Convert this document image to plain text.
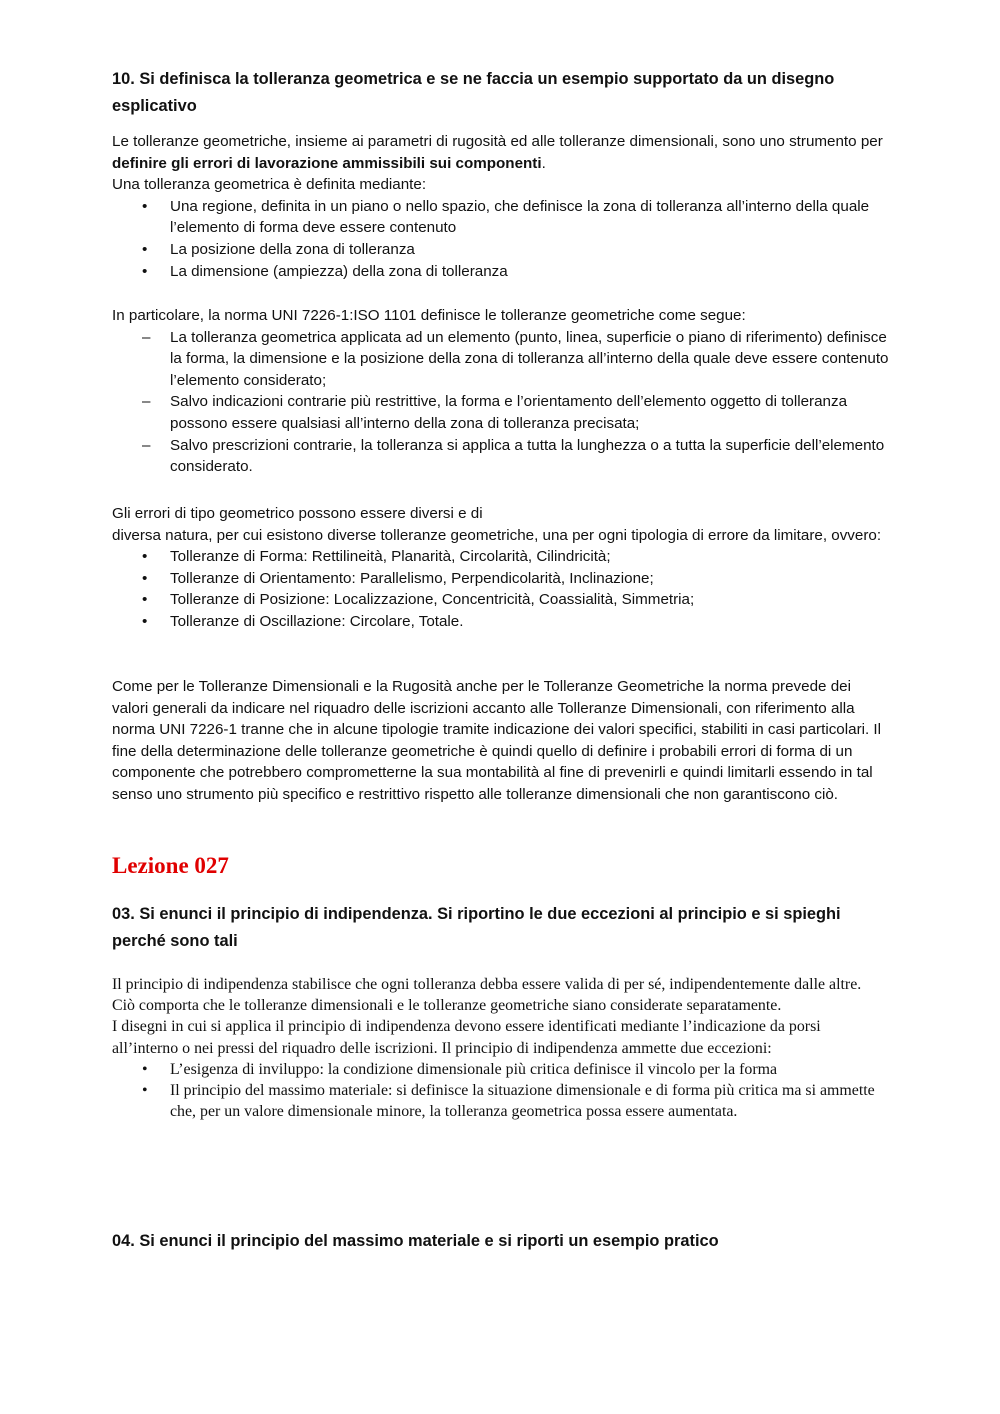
10. Si definisca la tolleranza geometrica e se ne faccia un esempio supportato da un disegno esplicativo

Le tolleranze geometriche, insieme ai parametri di rugosità ed alle tolleranze dimensionali, sono uno strumento per definire gli errori di lavorazione ammissibili sui componenti.

Una tolleranza geometrica è definita mediante:

• Una regione, definita in un piano o nello spazio, che definisce la zona di tolleranza all’interno della quale l’elemento di forma deve essere contenuto
• La posizione della zona di tolleranza
• La dimensione (ampiezza) della zona di tolleranza

In particolare, la norma UNI 7226-1:ISO 1101 definisce le tolleranze geometriche come segue:

– La tolleranza geometrica applicata ad un elemento (punto, linea, superficie o piano di riferimento) definisce la forma, la dimensione e la posizione della zona di tolleranza all’interno della quale deve essere contenuto l’elemento considerato;
– Salvo indicazioni contrarie più restrittive, la forma e l’orientamento dell’elemento oggetto di tolleranza possono essere qualsiasi all’interno della zona di tolleranza precisata;
– Salvo prescrizioni contrarie, la tolleranza si applica a tutta la lunghezza o a tutta la superficie dell’elemento considerato.

Gli errori di tipo geometrico possono essere diversi e di

diversa natura, per cui esistono diverse tolleranze geometriche, una per ogni tipologia di errore da limitare, ovvero:

• Tolleranze di Forma: Rettilineità, Planarità, Circolarità, Cilindricità;
• Tolleranze di Orientamento: Parallelismo, Perpendicolarità, Inclinazione;
• Tolleranze di Posizione: Localizzazione, Concentricità, Coassialità, Simmetria;
• Tolleranze di Oscillazione: Circolare, Totale.

Come per le Tolleranze Dimensionali e la Rugosità anche per le Tolleranze Geometriche la norma prevede dei valori generali da indicare nel riquadro delle iscrizioni accanto alle Tolleranze Dimensionali, con riferimento alla norma UNI 7226-1 tranne che in alcune tipologie tramite indicazione dei valori specifici, stabiliti in casi particolari. Il fine della determinazione delle tolleranze geometriche è quindi quello di definire i probabili errori di forma di un componente che potrebbero comprometterne la sua montabilità al fine di prevenirli e quindi limitarli essendo in tal senso uno strumento più specifico e restrittivo rispetto alle tolleranze dimensionali che non garantiscono ciò.

Lezione 027

03. Si enunci il principio di indipendenza. Si riportino le due eccezioni al principio e si spieghi perché sono tali

Il principio di indipendenza stabilisce che ogni tolleranza debba essere valida di per sé, indipendentemente dalle altre.

Ciò comporta che le tolleranze dimensionali e le tolleranze geometriche siano considerate separatamente.

I disegni in cui si applica il principio di indipendenza devono essere identificati mediante l’indicazione da porsi all’interno o nei pressi del riquadro delle iscrizioni. Il principio di indipendenza ammette due eccezioni:

• L’esigenza di inviluppo: la condizione dimensionale più critica definisce il vincolo per la forma
• Il principio del massimo materiale: si definisce la situazione dimensionale e di forma più critica ma si ammette che, per un valore dimensionale minore, la tolleranza geometrica possa essere aumentata.

04. Si enunci il principio del massimo materiale e si riporti un esempio pratico
